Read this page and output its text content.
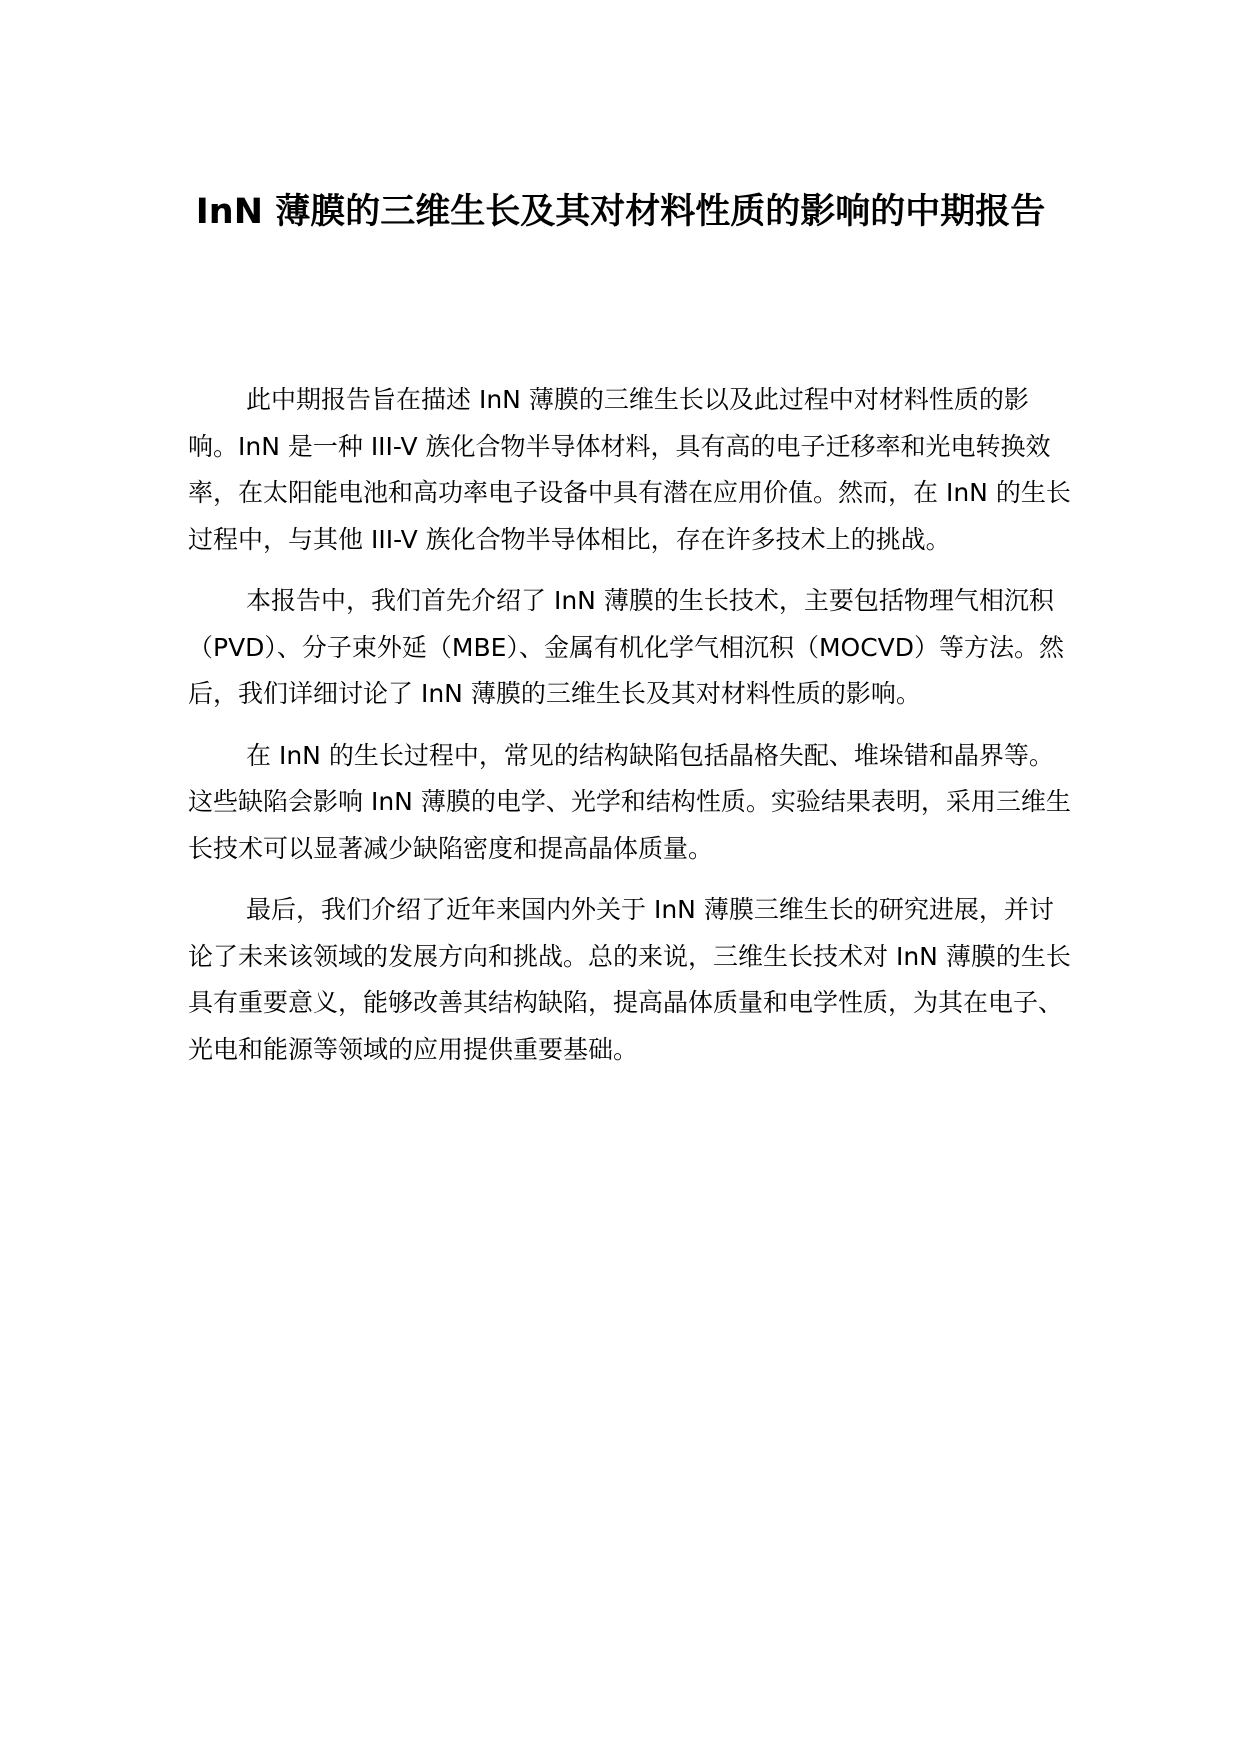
InN 薄膜的三维生长及其对材料性质的影响的中期报告

此中期报告旨在描述 InN 薄膜的三维生长以及此过程中对材料性质的影响。InN 是一种 III-V 族化合物半导体材料，具有高的电子迁移率和光电转换效率，在太阳能电池和高功率电子设备中具有潜在应用价值。然而，在 InN 的生长过程中，与其他 III-V 族化合物半导体相比，存在许多技术上的挑战。

本报告中，我们首先介绍了 InN 薄膜的生长技术，主要包括物理气相沉积（PVD）、分子束外延（MBE）、金属有机化学气相沉积（MOCVD）等方法。然后，我们详细讨论了 InN 薄膜的三维生长及其对材料性质的影响。

在 InN 的生长过程中，常见的结构缺陷包括晶格失配、堆垛错和晶界等。这些缺陷会影响 InN 薄膜的电学、光学和结构性质。实验结果表明，采用三维生长技术可以显著减少缺陷密度和提高晶体质量。

最后，我们介绍了近年来国内外关于 InN 薄膜三维生长的研究进展，并讨论了未来该领域的发展方向和挑战。总的来说，三维生长技术对 InN 薄膜的生长具有重要意义，能够改善其结构缺陷，提高晶体质量和电学性质，为其在电子、光电和能源等领域的应用提供重要基础。
